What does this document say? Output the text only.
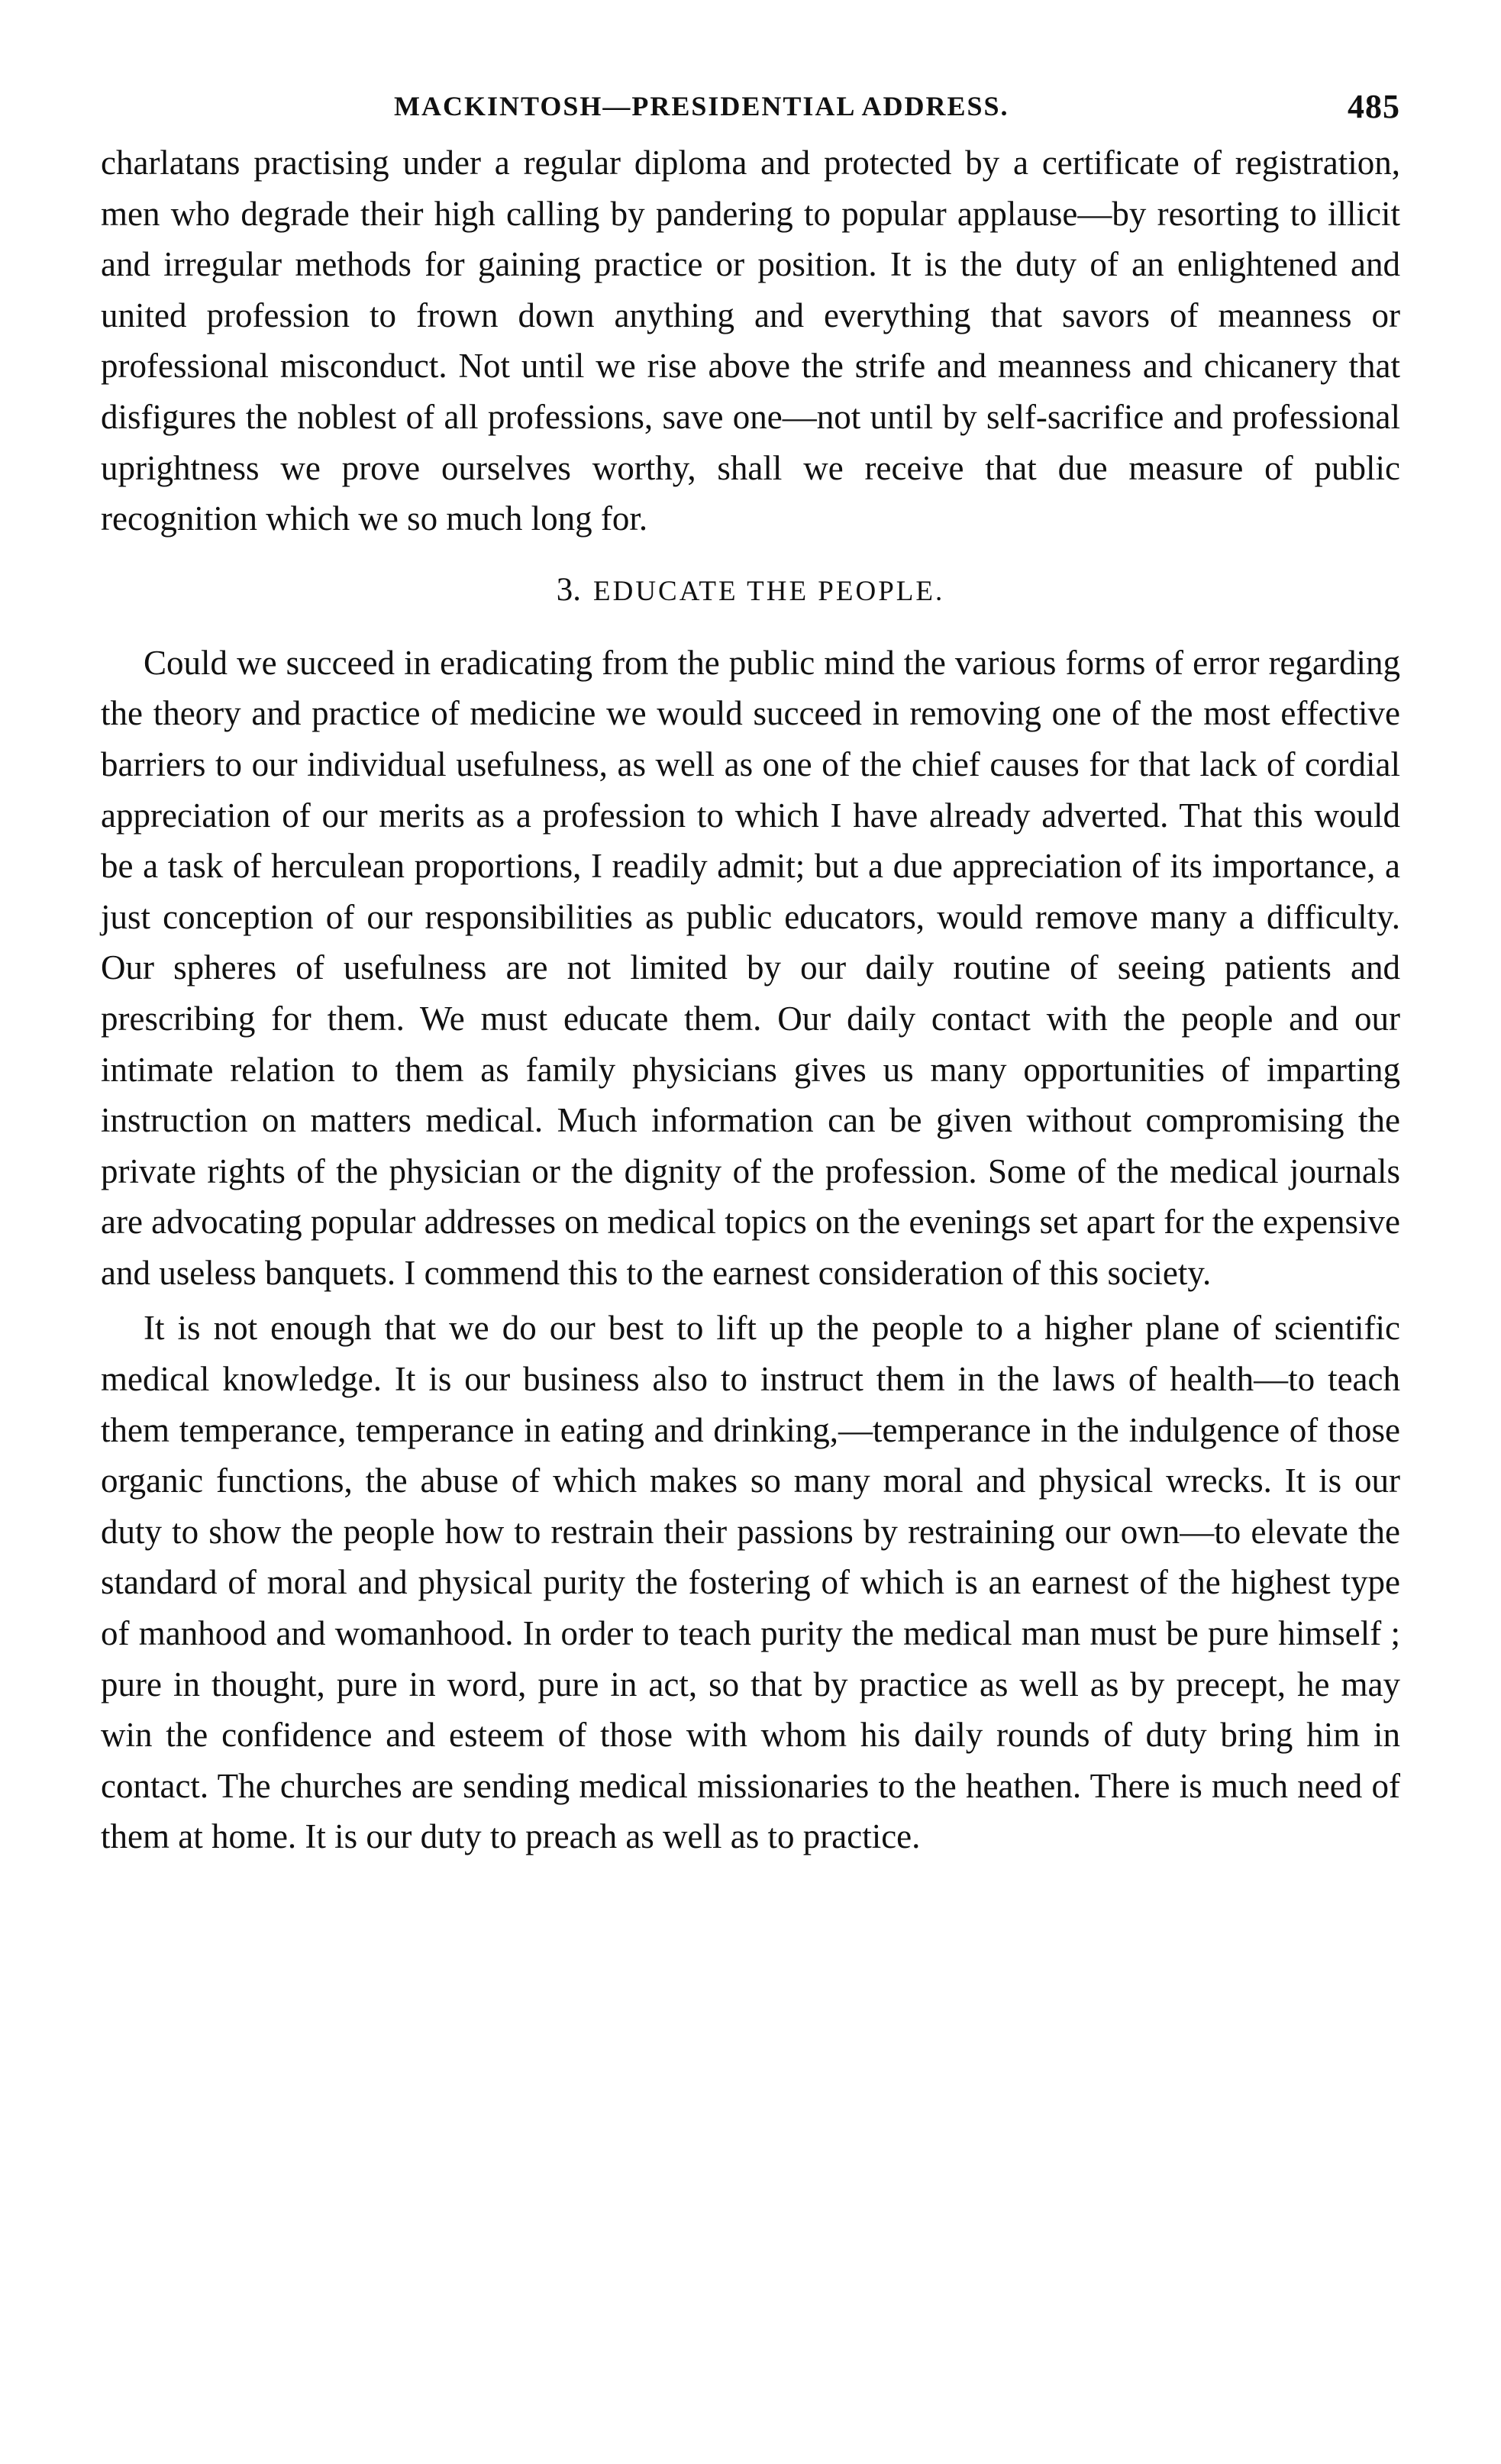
MACKINTOSH—PRESIDENTIAL ADDRESS.	485

charlatans practising under a regular diploma and protected by a certificate of registration, men who degrade their high calling by pandering to popular applause—by resorting to illicit and irregular methods for gaining practice or position. It is the duty of an enlightened and united profession to frown down anything and everything that savors of meanness or professional misconduct. Not until we rise above the strife and meanness and chicanery that disfigures the noblest of all professions, save one—not until by self-sacrifice and professional uprightness we prove ourselves worthy, shall we receive that due measure of public recognition which we so much long for.

3. EDUCATE THE PEOPLE.

Could we succeed in eradicating from the public mind the various forms of error regarding the theory and practice of medicine we would succeed in removing one of the most effective barriers to our individual usefulness, as well as one of the chief causes for that lack of cordial appreciation of our merits as a profession to which I have already adverted. That this would be a task of herculean proportions, I readily admit; but a due appreciation of its importance, a just conception of our responsibilities as public educators, would remove many a difficulty. Our spheres of usefulness are not limited by our daily routine of seeing patients and prescribing for them. We must educate them. Our daily contact with the people and our intimate relation to them as family physicians gives us many opportunities of imparting instruction on matters medical. Much information can be given without compromising the private rights of the physician or the dignity of the profession. Some of the medical journals are advocating popular addresses on medical topics on the evenings set apart for the expensive and useless banquets. I commend this to the earnest consideration of this society.

It is not enough that we do our best to lift up the people to a higher plane of scientific medical knowledge. It is our business also to instruct them in the laws of health—to teach them temperance, temperance in eating and drinking,—temperance in the indulgence of those organic functions, the abuse of which makes so many moral and physical wrecks. It is our duty to show the people how to restrain their passions by restraining our own—to elevate the standard of moral and physical purity the fostering of which is an earnest of the highest type of manhood and womanhood. In order to teach purity the medical man must be pure himself ; pure in thought, pure in word, pure in act, so that by practice as well as by precept, he may win the confidence and esteem of those with whom his daily rounds of duty bring him in contact. The churches are sending medical missionaries to the heathen. There is much need of them at home. It is our duty to preach as well as to practice.
